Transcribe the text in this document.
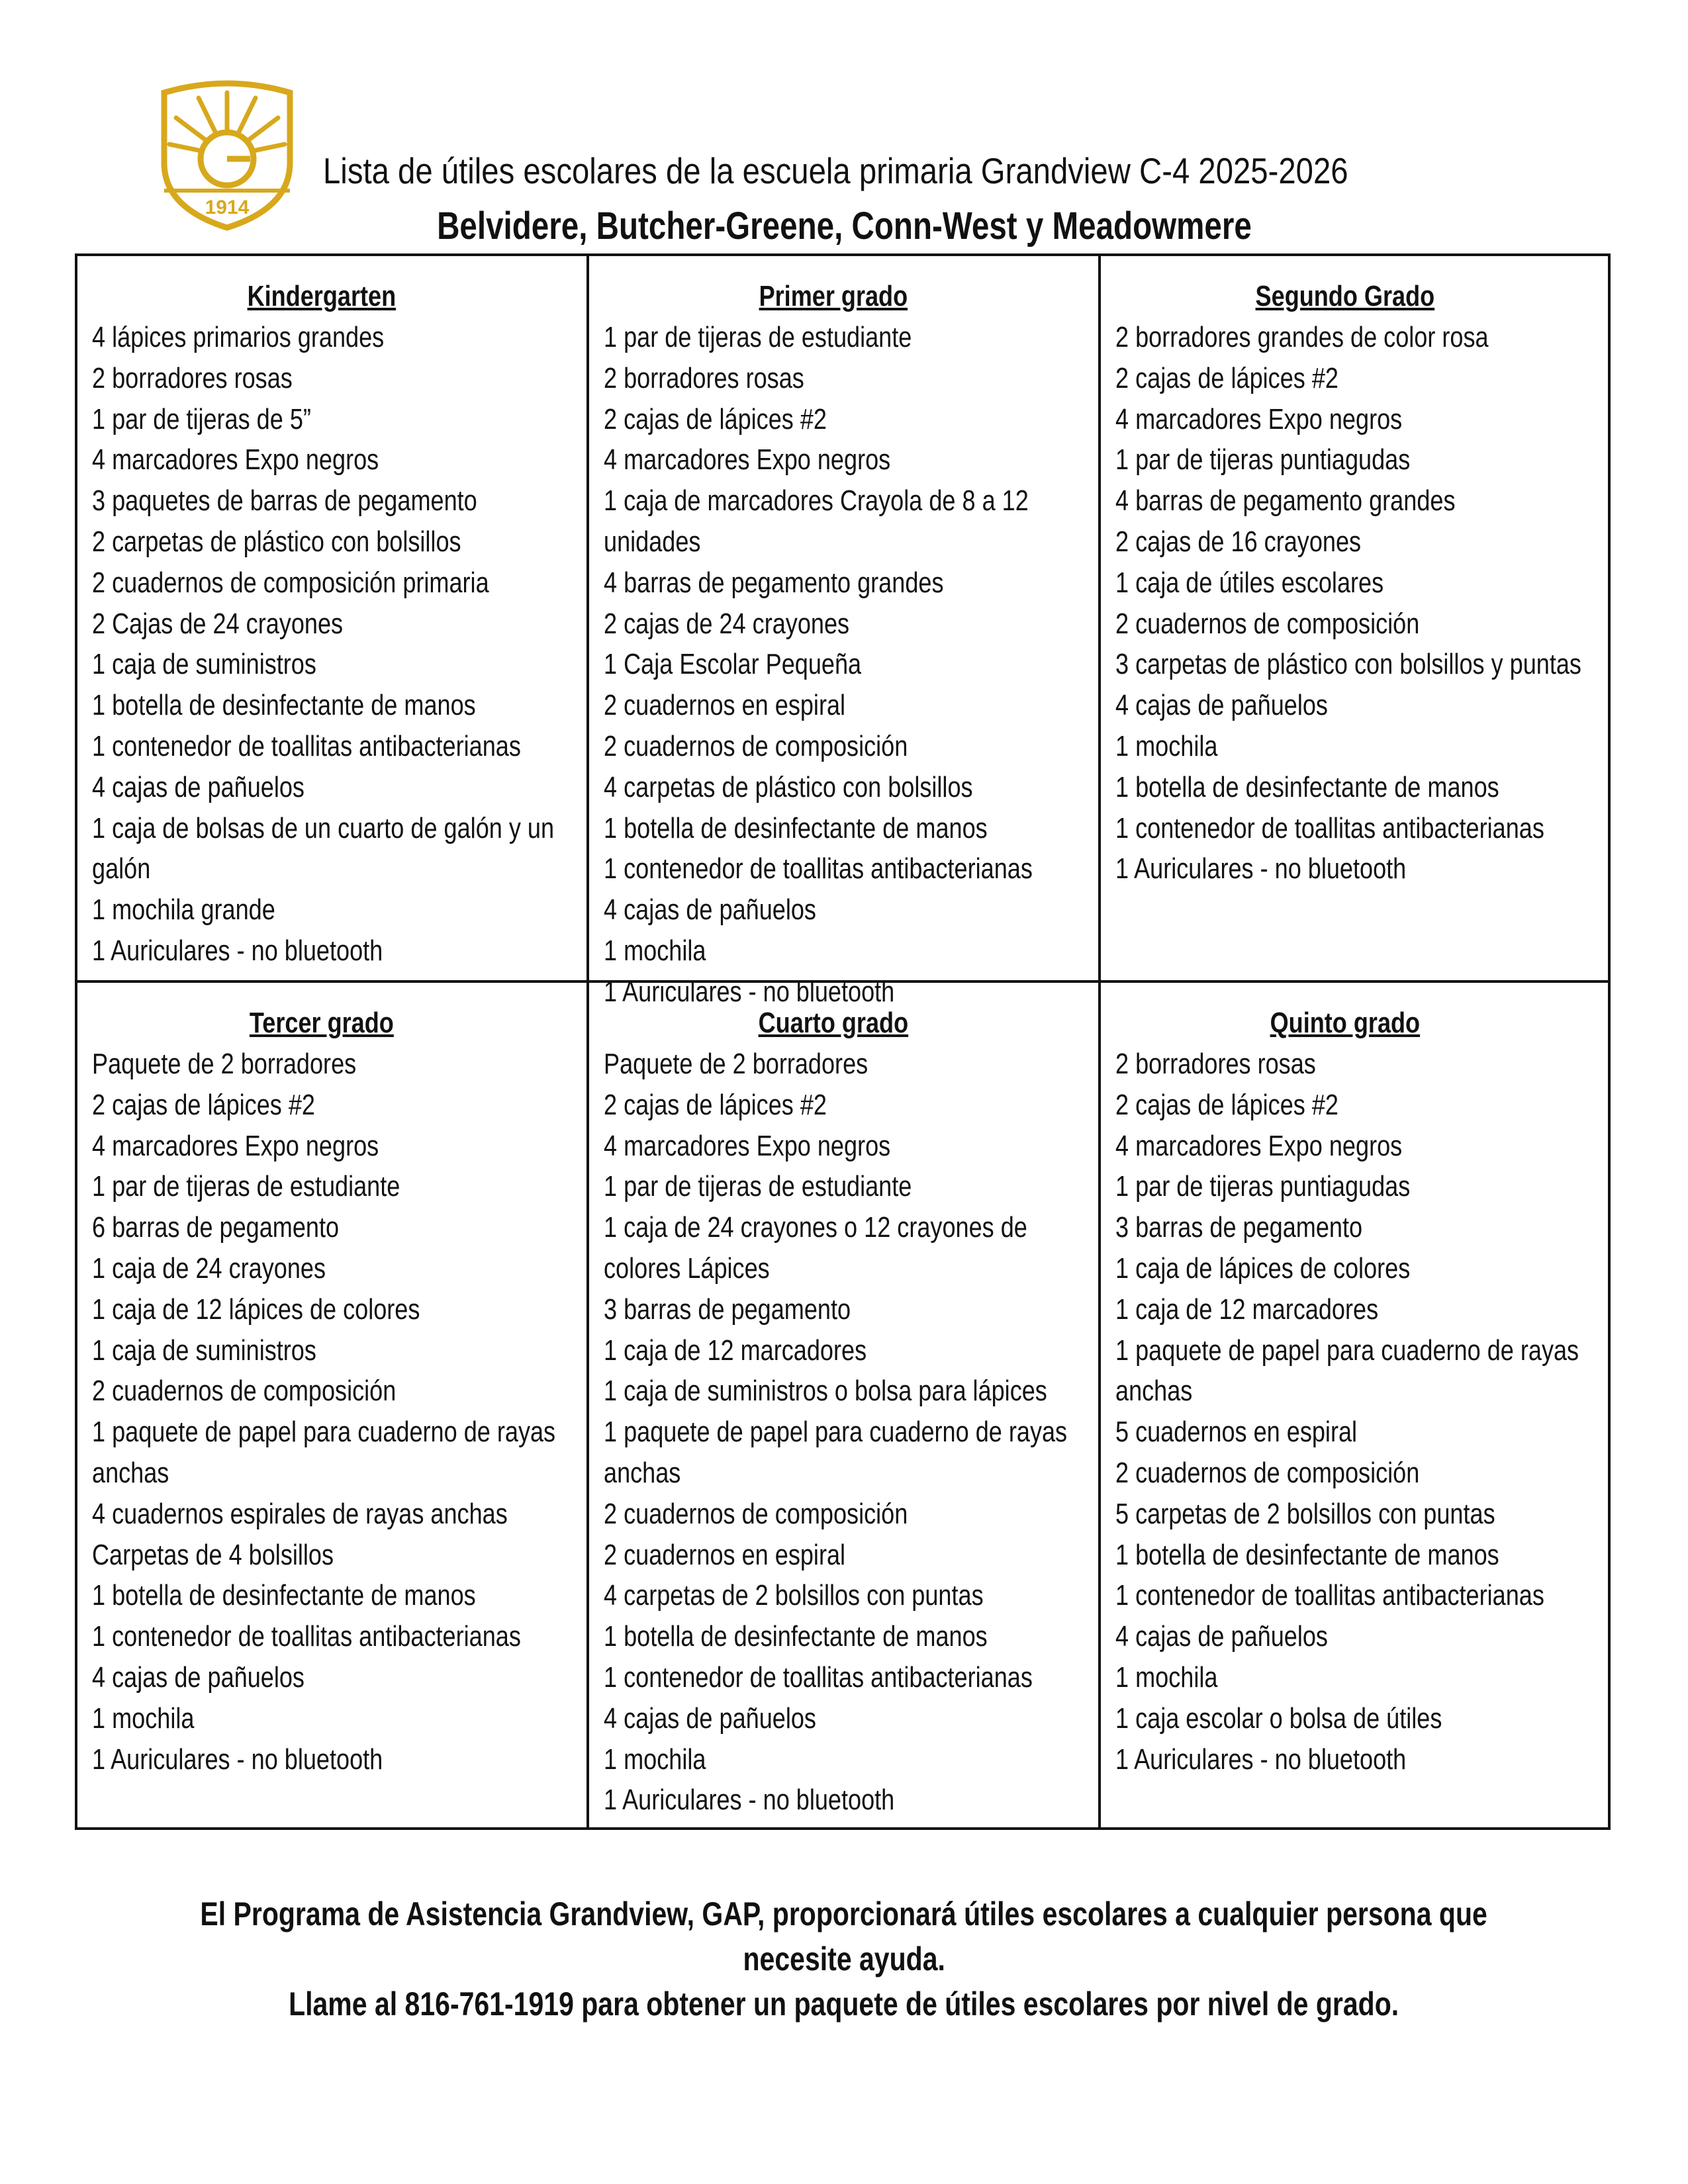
1914
Lista de útiles escolares de la escuela primaria Grandview C-4 2025-2026
Belvidere, Butcher-Greene, Conn-West y Meadowmere
Kindergarten
4 lápices primarios grandes
2 borradores rosas
1 par de tijeras de 5”
4 marcadores Expo negros
3 paquetes de barras de pegamento
2 carpetas de plástico con bolsillos
2 cuadernos de composición primaria
2 Cajas de 24 crayones
1 caja de suministros
1 botella de desinfectante de manos
1 contenedor de toallitas antibacterianas
4 cajas de pañuelos
1 caja de bolsas de un cuarto de galón y un galón
1 mochila grande
1 Auriculares - no bluetooth
Primer grado
1 par de tijeras de estudiante
2 borradores rosas
2 cajas de lápices #2
4 marcadores Expo negros
1 caja de marcadores Crayola de 8 a 12 unidades
4 barras de pegamento grandes
2 cajas de 24 crayones
1 Caja Escolar Pequeña
2 cuadernos en espiral
2 cuadernos de composición
4 carpetas de plástico con bolsillos
1 botella de desinfectante de manos
1 contenedor de toallitas antibacterianas
4 cajas de pañuelos
1 mochila
1 Auriculares - no bluetooth
Segundo Grado
2 borradores grandes de color rosa
2 cajas de lápices #2
4 marcadores Expo negros
1 par de tijeras puntiagudas
4 barras de pegamento grandes
2 cajas de 16 crayones
1 caja de útiles escolares
2 cuadernos de composición
3 carpetas de plástico con bolsillos y puntas
4 cajas de pañuelos
1 mochila
1 botella de desinfectante de manos
1 contenedor de toallitas antibacterianas
1 Auriculares - no bluetooth
Tercer grado
Paquete de 2 borradores
2 cajas de lápices #2
4 marcadores Expo negros
1 par de tijeras de estudiante
6 barras de pegamento
1 caja de 24 crayones
1 caja de 12 lápices de colores
1 caja de suministros
2 cuadernos de composición
1 paquete de papel para cuaderno de rayas anchas
4 cuadernos espirales de rayas anchas
Carpetas de 4 bolsillos
1 botella de desinfectante de manos
1 contenedor de toallitas antibacterianas
4 cajas de pañuelos
1 mochila
1 Auriculares - no bluetooth
Cuarto grado
Paquete de 2 borradores
2 cajas de lápices #2
4 marcadores Expo negros
1 par de tijeras de estudiante
1 caja de 24 crayones o 12 crayones de colores Lápices
3 barras de pegamento
1 caja de 12 marcadores
1 caja de suministros o bolsa para lápices
1 paquete de papel para cuaderno de rayas anchas
2 cuadernos de composición
2 cuadernos en espiral
4 carpetas de 2 bolsillos con puntas
1 botella de desinfectante de manos
1 contenedor de toallitas antibacterianas
4 cajas de pañuelos
1 mochila
1 Auriculares - no bluetooth
Quinto grado
2 borradores rosas
2 cajas de lápices #2
4 marcadores Expo negros
1 par de tijeras puntiagudas
3 barras de pegamento
1 caja de lápices de colores
1 caja de 12 marcadores
1 paquete de papel para cuaderno de rayas anchas
5 cuadernos en espiral
2 cuadernos de composición
5 carpetas de 2 bolsillos con puntas
1 botella de desinfectante de manos
1 contenedor de toallitas antibacterianas
4 cajas de pañuelos
1 mochila
1 caja escolar o bolsa de útiles
1 Auriculares - no bluetooth

El Programa de Asistencia Grandview, GAP, proporcionará útiles escolares a cualquier persona que

necesite ayuda.

Llame al 816-761-1919 para obtener un paquete de útiles escolares por nivel de grado.
